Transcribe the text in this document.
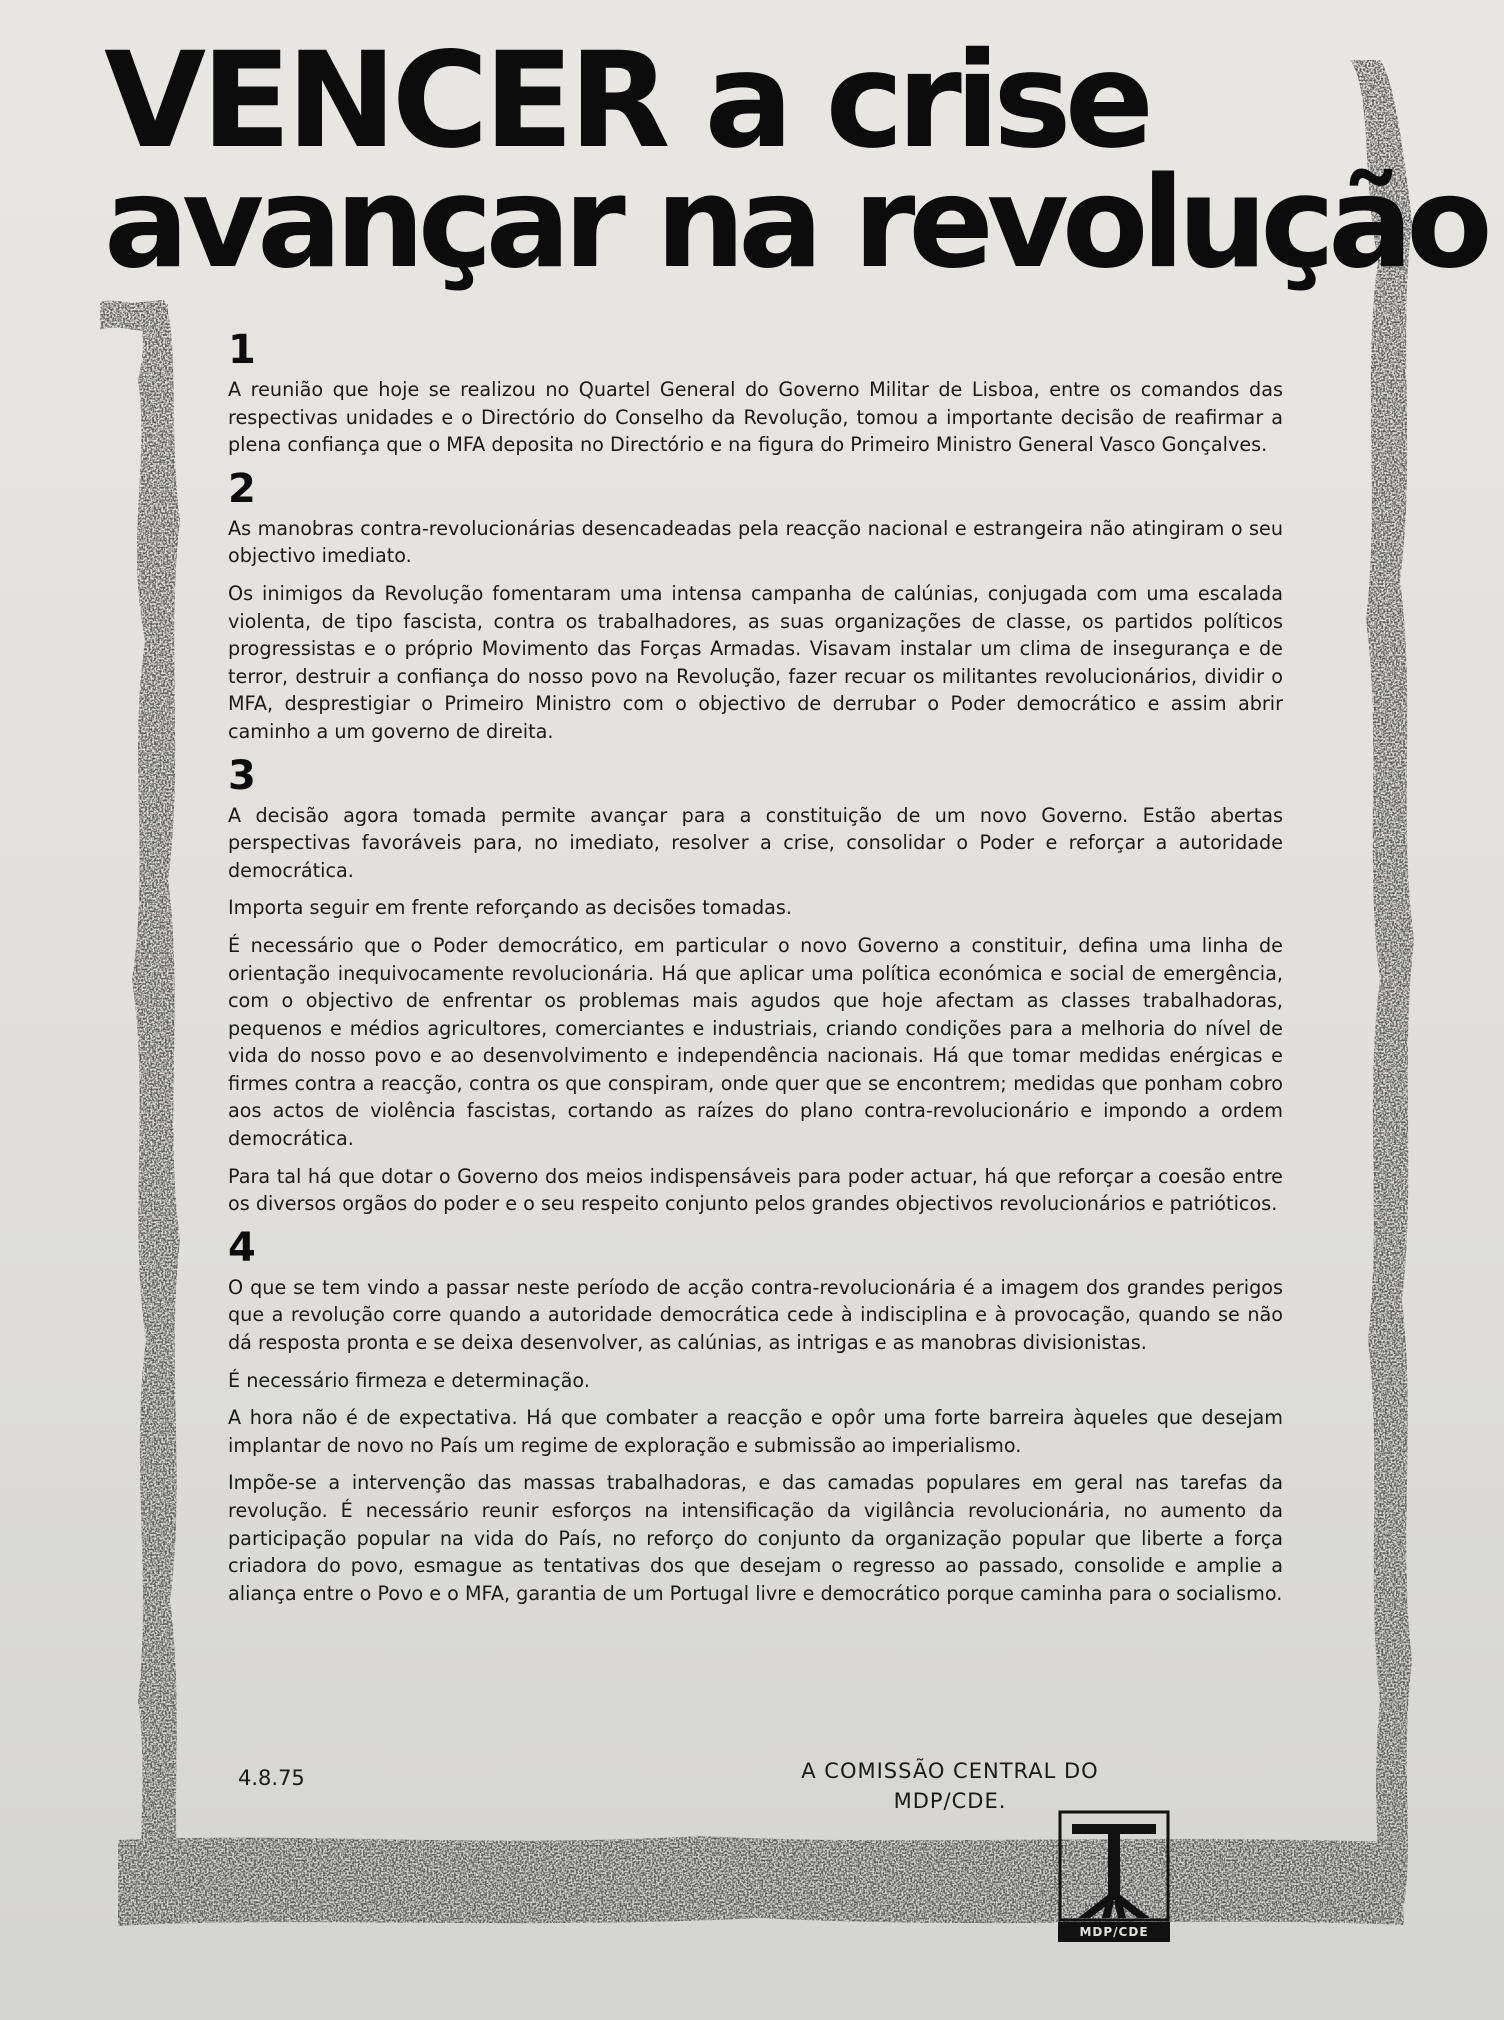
VENCER a crise
avançar na revolução
1

A reunião que hoje se realizou no Quartel General do Governo Militar de Lisboa, entre os comandos das respectivas unidades e o Directório do Conselho da Revolução, tomou a importante decisão de reafirmar a plena confiança que o MFA deposita no Directório e na figura do Primeiro Ministro General Vasco Gonçalves.

2

As manobras contra-revolucionárias desencadeadas pela reacção nacional e estrangeira não atingiram o seu objectivo imediato.

Os inimigos da Revolução fomentaram uma intensa campanha de calúnias, conjugada com uma escalada violenta, de tipo fascista, contra os trabalhadores, as suas organizações de classe, os partidos políticos progressistas e o próprio Movimento das Forças Armadas. Visavam instalar um clima de insegurança e de terror, destruir a confiança do nosso povo na Revolução, fazer recuar os militantes revolucionários, dividir o MFA, desprestigiar o Primeiro Ministro com o objectivo de derrubar o Poder democrático e assim abrir caminho a um governo de direita.

3

A decisão agora tomada permite avançar para a constituição de um novo Governo. Estão abertas perspectivas favoráveis para, no imediato, resolver a crise, consolidar o Poder e reforçar a autoridade democrática.

Importa seguir em frente reforçando as decisões tomadas.

É necessário que o Poder democrático, em particular o novo Governo a constituir, defina uma linha de orientação inequivocamente revolucionária. Há que aplicar uma política económica e social de emergência, com o objectivo de enfrentar os problemas mais agudos que hoje afectam as classes trabalhadoras, pequenos e médios agricultores, comerciantes e industriais, criando condições para a melhoria do nível de vida do nosso povo e ao desenvolvimento e independência nacionais. Há que tomar medidas enérgicas e firmes contra a reacção, contra os que conspiram, onde quer que se encontrem; medidas que ponham cobro aos actos de violência fascistas, cortando as raízes do plano contra-revolucionário e impondo a ordem democrática.

Para tal há que dotar o Governo dos meios indispensáveis para poder actuar, há que reforçar a coesão entre os diversos orgãos do poder e o seu respeito conjunto pelos grandes objectivos revolucionários e patrióticos.

4

O que se tem vindo a passar neste período de acção contra-revolucionária é a imagem dos grandes perigos que a revolução corre quando a autoridade democrática cede à indisciplina e à provocação, quando se não dá resposta pronta e se deixa desenvolver, as calúnias, as intrigas e as manobras divisionistas.

É necessário firmeza e determinação.

A hora não é de expectativa. Há que combater a reacção e opôr uma forte barreira àqueles que desejam implantar de novo no País um regime de exploração e submissão ao imperialismo.

Impõe-se a intervenção das massas trabalhadoras, e das camadas populares em geral nas tarefas da revolução. É necessário reunir esforços na intensificação da vigilância revolucionária, no aumento da participação popular na vida do País, no reforço do conjunto da organização popular que liberte a força criadora do povo, esmague as tentativas dos que desejam o regresso ao passado, consolide e amplie a aliança entre o Povo e o MFA, garantia de um Portugal livre e democrático porque caminha para o socialismo.

4.8.75	A COMISSÃO CENTRAL DO
MDP/CDE.
MDP/CDE
